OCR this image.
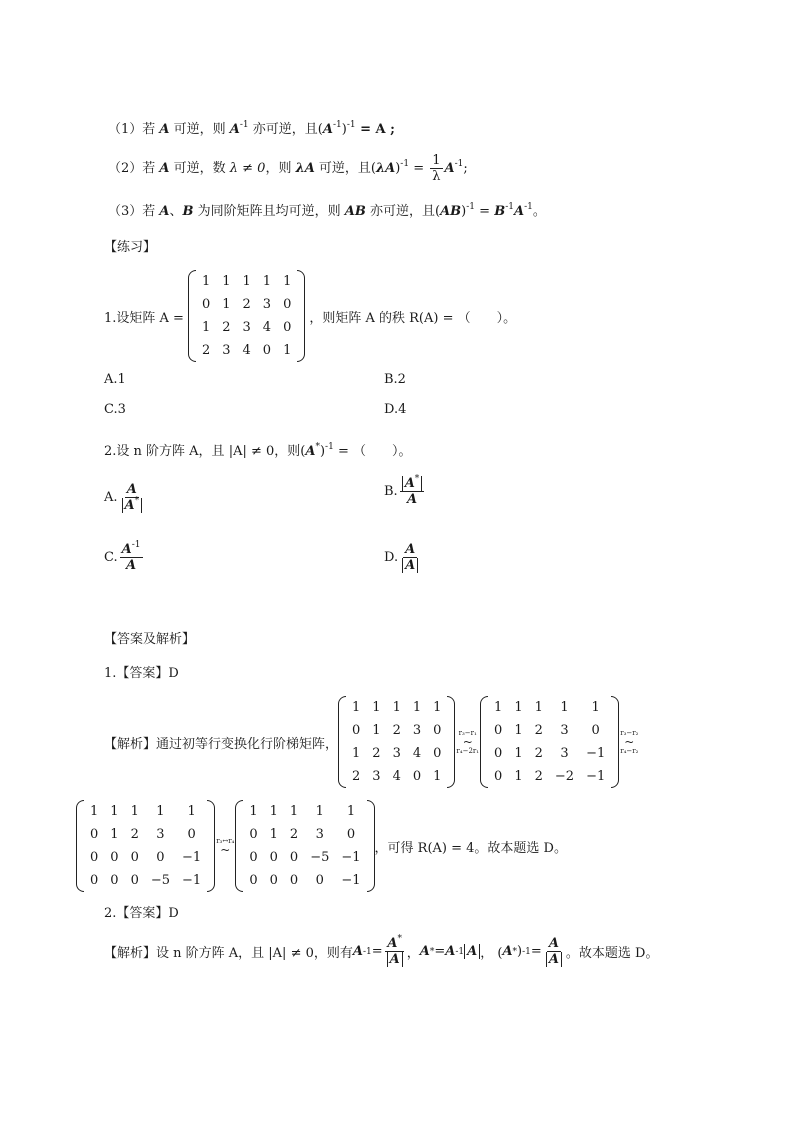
（1）若 A 可逆，则 $A^{-1}$ 亦可逆，且$(A^{-1})^{-1} = A$ ;
（2）若 A 可逆，数 λ ≠ 0，则 λA 可逆，且$(\lambda A)^{-1} = \frac{1}{\lambda} A^{-1}$;
（3）若 A、B 为同阶矩阵且均可逆，则 AB 亦可逆，且$(AB)^{-1} = B^{-1}A^{-1}$。
【练习】
1.设矩阵 A =
1	1	1	1	1
0	1	2	3	0
1	2	3	4	0
2	3	4	0	1
，则矩阵 A 的秩 R(A) = （　　）。
A.1	B.2
C.3	D.4
2.设 n 阶方阵 A，且 |A| ≠ 0，则$(A^*)^{-1}$ = （　　）。
A. $\frac{A}{A^*}$	B. $\frac{A^*}{A}$
C. $\frac{A^{-1}}{A}$	D. $\frac{A}{A}$
【答案及解析】
1.【答案】D
【解析】通过初等行变换化行阶梯矩阵，
1	1	1	1	1
0	1	2	3	0
1	2	3	4	0
2	3	4	0	1
r₃−r₁
~
r₄−2r₁
1	1	1	1	1
0	1	2	3	0
0	1	2	3	−1
0	1	2	−2	−1
r₃−r₂
~
r₄−r₂
1	1	1	1	1
0	1	2	3	0
0	0	0	0	−1
0	0	0	−5	−1
r₃↔r₄
~
1	1	1	1	1
0	1	2	3	0
0	0	0	−5	−1
0	0	0	0	−1
，可得 R(A) = 4。故本题选 D。
2.【答案】D
【解析】设 n 阶方阵 A，且 |A| ≠ 0，则有 A $-1 = \frac{A^*}{A}$ ， A * = A -1 A ， ( A * ) $-1 = \frac{A}{A}$ 。故本题选 D。
